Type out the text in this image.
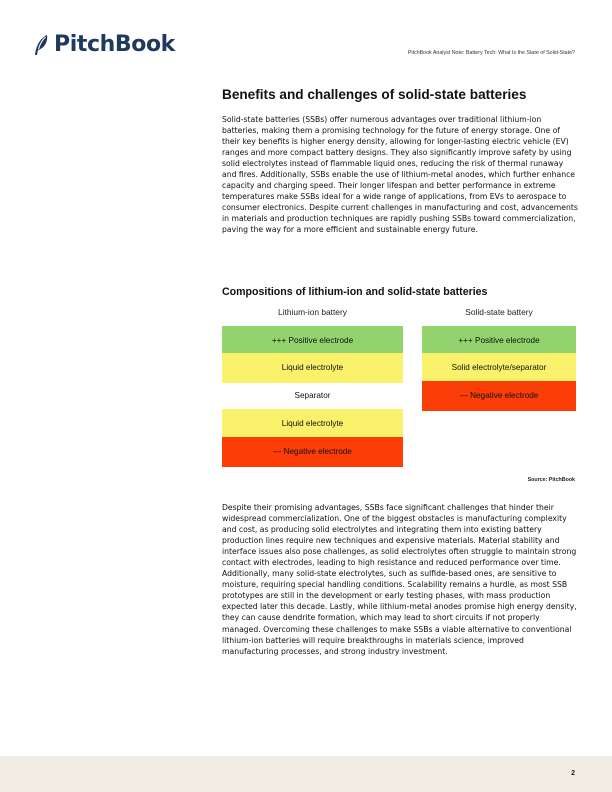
PitchBook	PitchBook Analyst Note: Battery Tech: What Is the State of Solid-State?
Benefits and challenges of solid-state batteries

Solid-state batteries (SSBs) offer numerous advantages over traditional lithium-ion batteries, making them a promising technology for the future of energy storage. One of their key benefits is higher energy density, allowing for longer-lasting electric vehicle (EV) ranges and more compact battery designs. They also significantly improve safety by using solid electrolytes instead of flammable liquid ones, reducing the risk of thermal runaway and fires. Additionally, SSBs enable the use of lithium-metal anodes, which further enhance capacity and charging speed. Their longer lifespan and better performance in extreme temperatures make SSBs ideal for a wide range of applications, from EVs to aerospace to consumer electronics. Despite current challenges in manufacturing and cost, advancements in materials and production techniques are rapidly pushing SSBs toward commercialization, paving the way for a more efficient and sustainable energy future.

Compositions of lithium-ion and solid-state batteries
Lithium-ion battery	Solid-state battery
+++ Positive electrode
Liquid electrolyte
Separator
Liquid electrolyte
--- Negative electrode
+++ Positive electrode
Solid electrolyte/separator
--- Negative electrode
Source: PitchBook

Despite their promising advantages, SSBs face significant challenges that hinder their widespread commercialization. One of the biggest obstacles is manufacturing complexity and cost, as producing solid electrolytes and integrating them into existing battery production lines require new techniques and expensive materials. Material stability and interface issues also pose challenges, as solid electrolytes often struggle to maintain strong contact with electrodes, leading to high resistance and reduced performance over time. Additionally, many solid-state electrolytes, such as sulfide-based ones, are sensitive to moisture, requiring special handling conditions. Scalability remains a hurdle, as most SSB prototypes are still in the development or early testing phases, with mass production expected later this decade. Lastly, while lithium-metal anodes promise high energy density, they can cause dendrite formation, which may lead to short circuits if not properly managed. Overcoming these challenges to make SSBs a viable alternative to conventional lithium-ion batteries will require breakthroughs in materials science, improved manufacturing processes, and strong industry investment.

2
